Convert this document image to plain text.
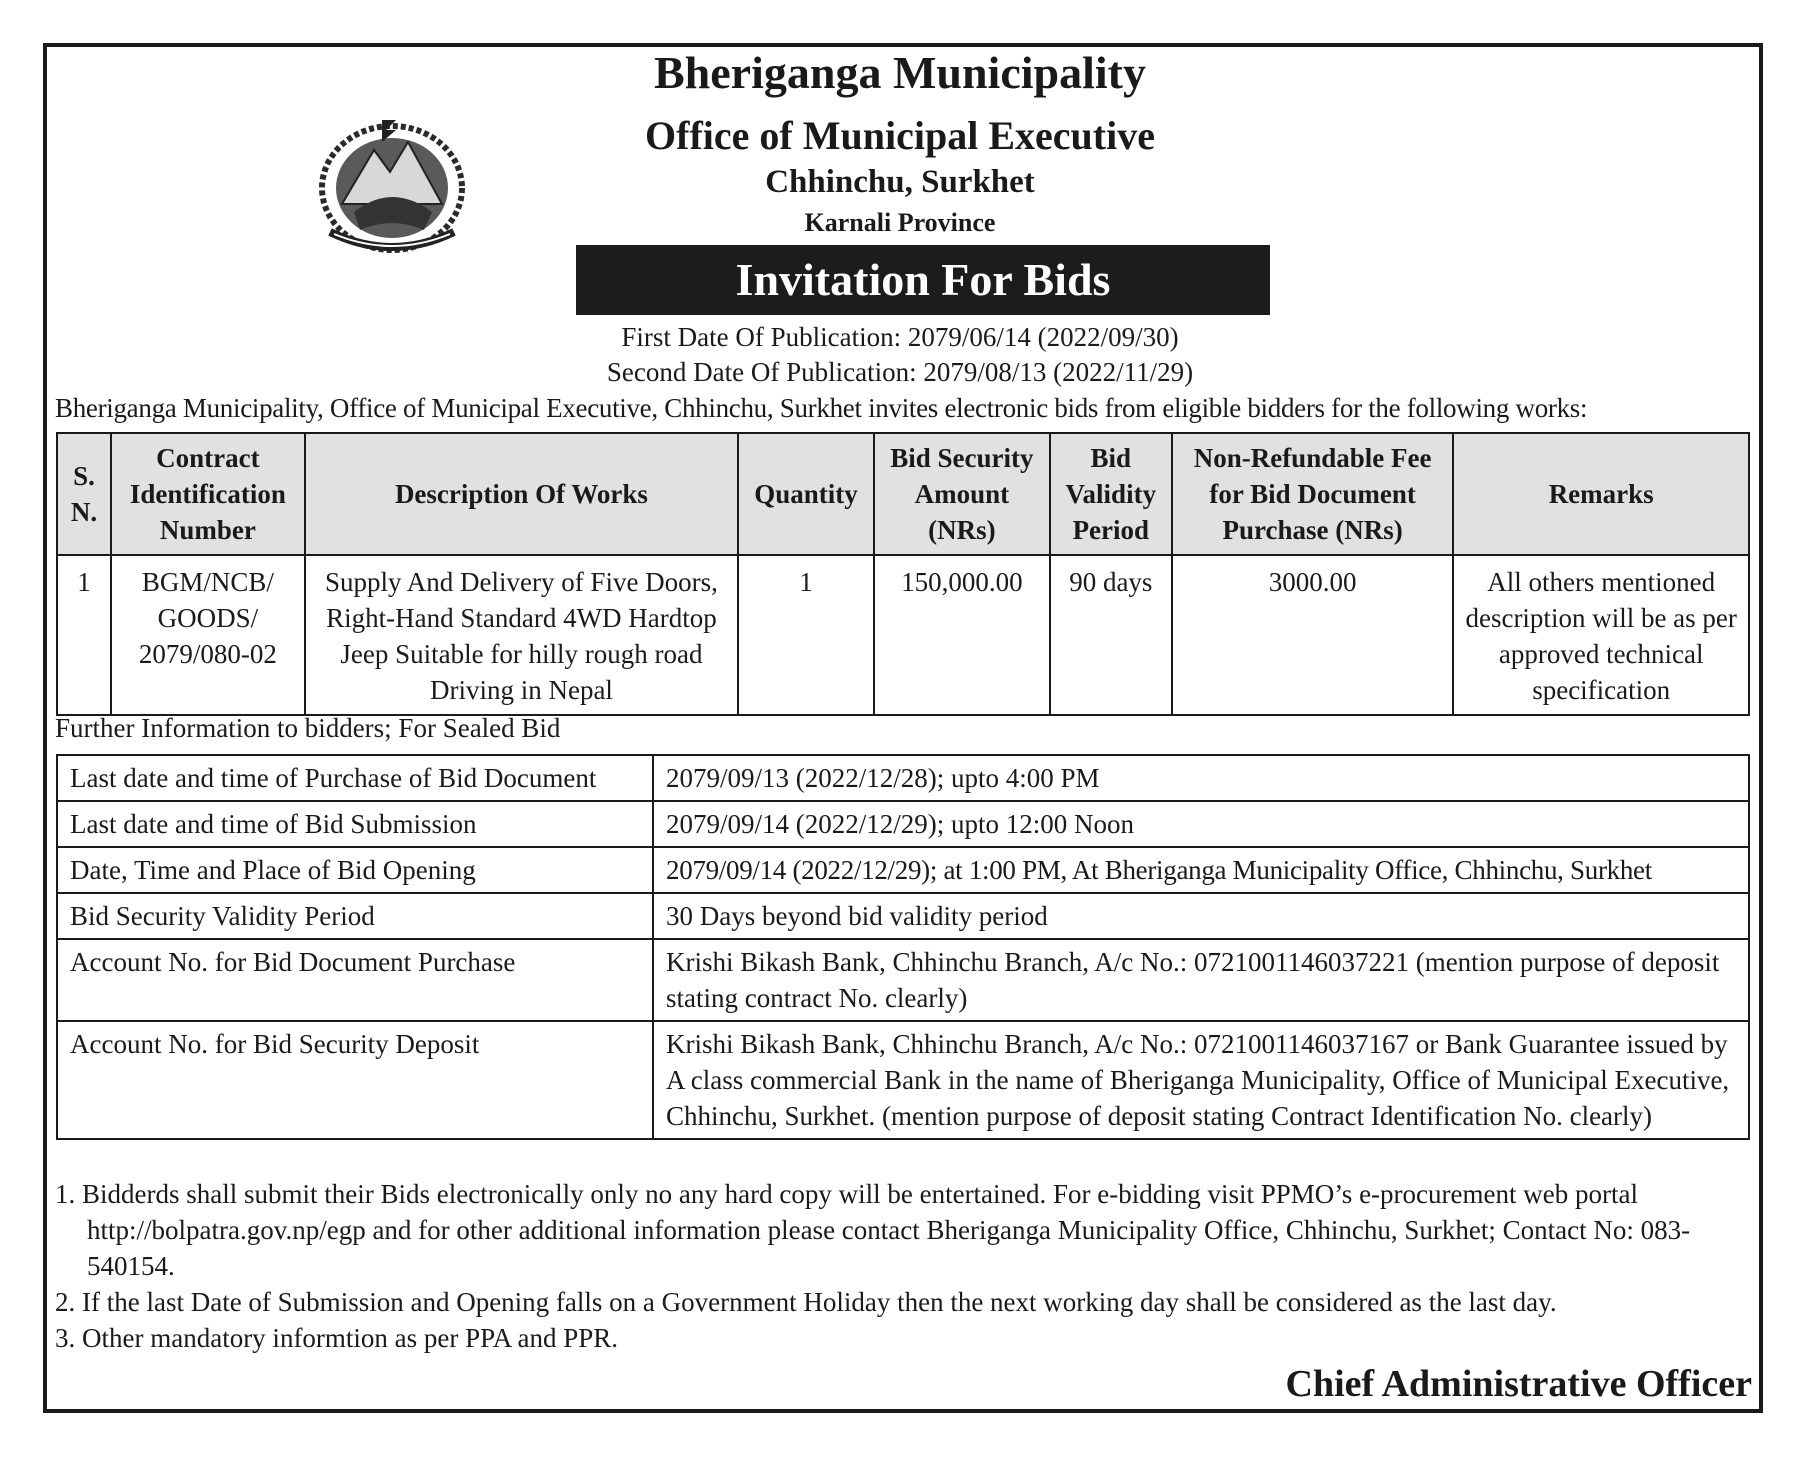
Bheriganga Municipality
Office of Municipal Executive
Chhinchu, Surkhet
Karnali Province
Invitation For Bids
First Date Of Publication: 2079/06/14 (2022/09/30)
Second Date Of Publication: 2079/08/13 (2022/11/29)
Bheriganga Municipality, Office of Municipal Executive, Chhinchu, Surkhet invites electronic bids from eligible bidders for the following works:
S. N.	Contract Identification Number	Description Of Works	Quantity	Bid Security Amount (NRs)	Bid Validity Period	Non-Refundable Fee for Bid Document Purchase (NRs)	Remarks
1	BGM/NCB/ GOODS/ 2079/080-02	Supply And Delivery of Five Doors, Right-Hand Standard 4WD Hardtop Jeep Suitable for hilly rough road Driving in Nepal	1	150,000.00	90 days	3000.00	All others mentioned description will be as per approved technical specification
Further Information to bidders; For Sealed Bid
Last date and time of Purchase of Bid Document	2079/09/13 (2022/12/28); upto 4:00 PM
Last date and time of Bid Submission	2079/09/14 (2022/12/29); upto 12:00 Noon
Date, Time and Place of Bid Opening	2079/09/14 (2022/12/29); at 1:00 PM, At Bheriganga Municipality Office, Chhinchu, Surkhet
Bid Security Validity Period	30 Days beyond bid validity period
Account No. for Bid Document Purchase	Krishi Bikash Bank, Chhinchu Branch, A/c No.: 0721001146037221 (mention purpose of deposit stating contract No. clearly)
Account No. for Bid Security Deposit	Krishi Bikash Bank, Chhinchu Branch, A/c No.: 0721001146037167 or Bank Guarantee issued by A class commercial Bank in the name of Bheriganga Municipality, Office of Municipal Executive, Chhinchu, Surkhet. (mention purpose of deposit stating Contract Identification No. clearly)
1. Bidderds shall submit their Bids electronically only no any hard copy will be entertained. For e-bidding visit PPMO’s e-procurement web portal http://bolpatra.gov.np/egp and for other additional information please contact Bheriganga Municipality Office, Chhinchu, Surkhet; Contact No: 083-540154.
2. If the last Date of Submission and Opening falls on a Government Holiday then the next working day shall be considered as the last day.
3. Other mandatory informtion as per PPA and PPR.
Chief Administrative Officer
